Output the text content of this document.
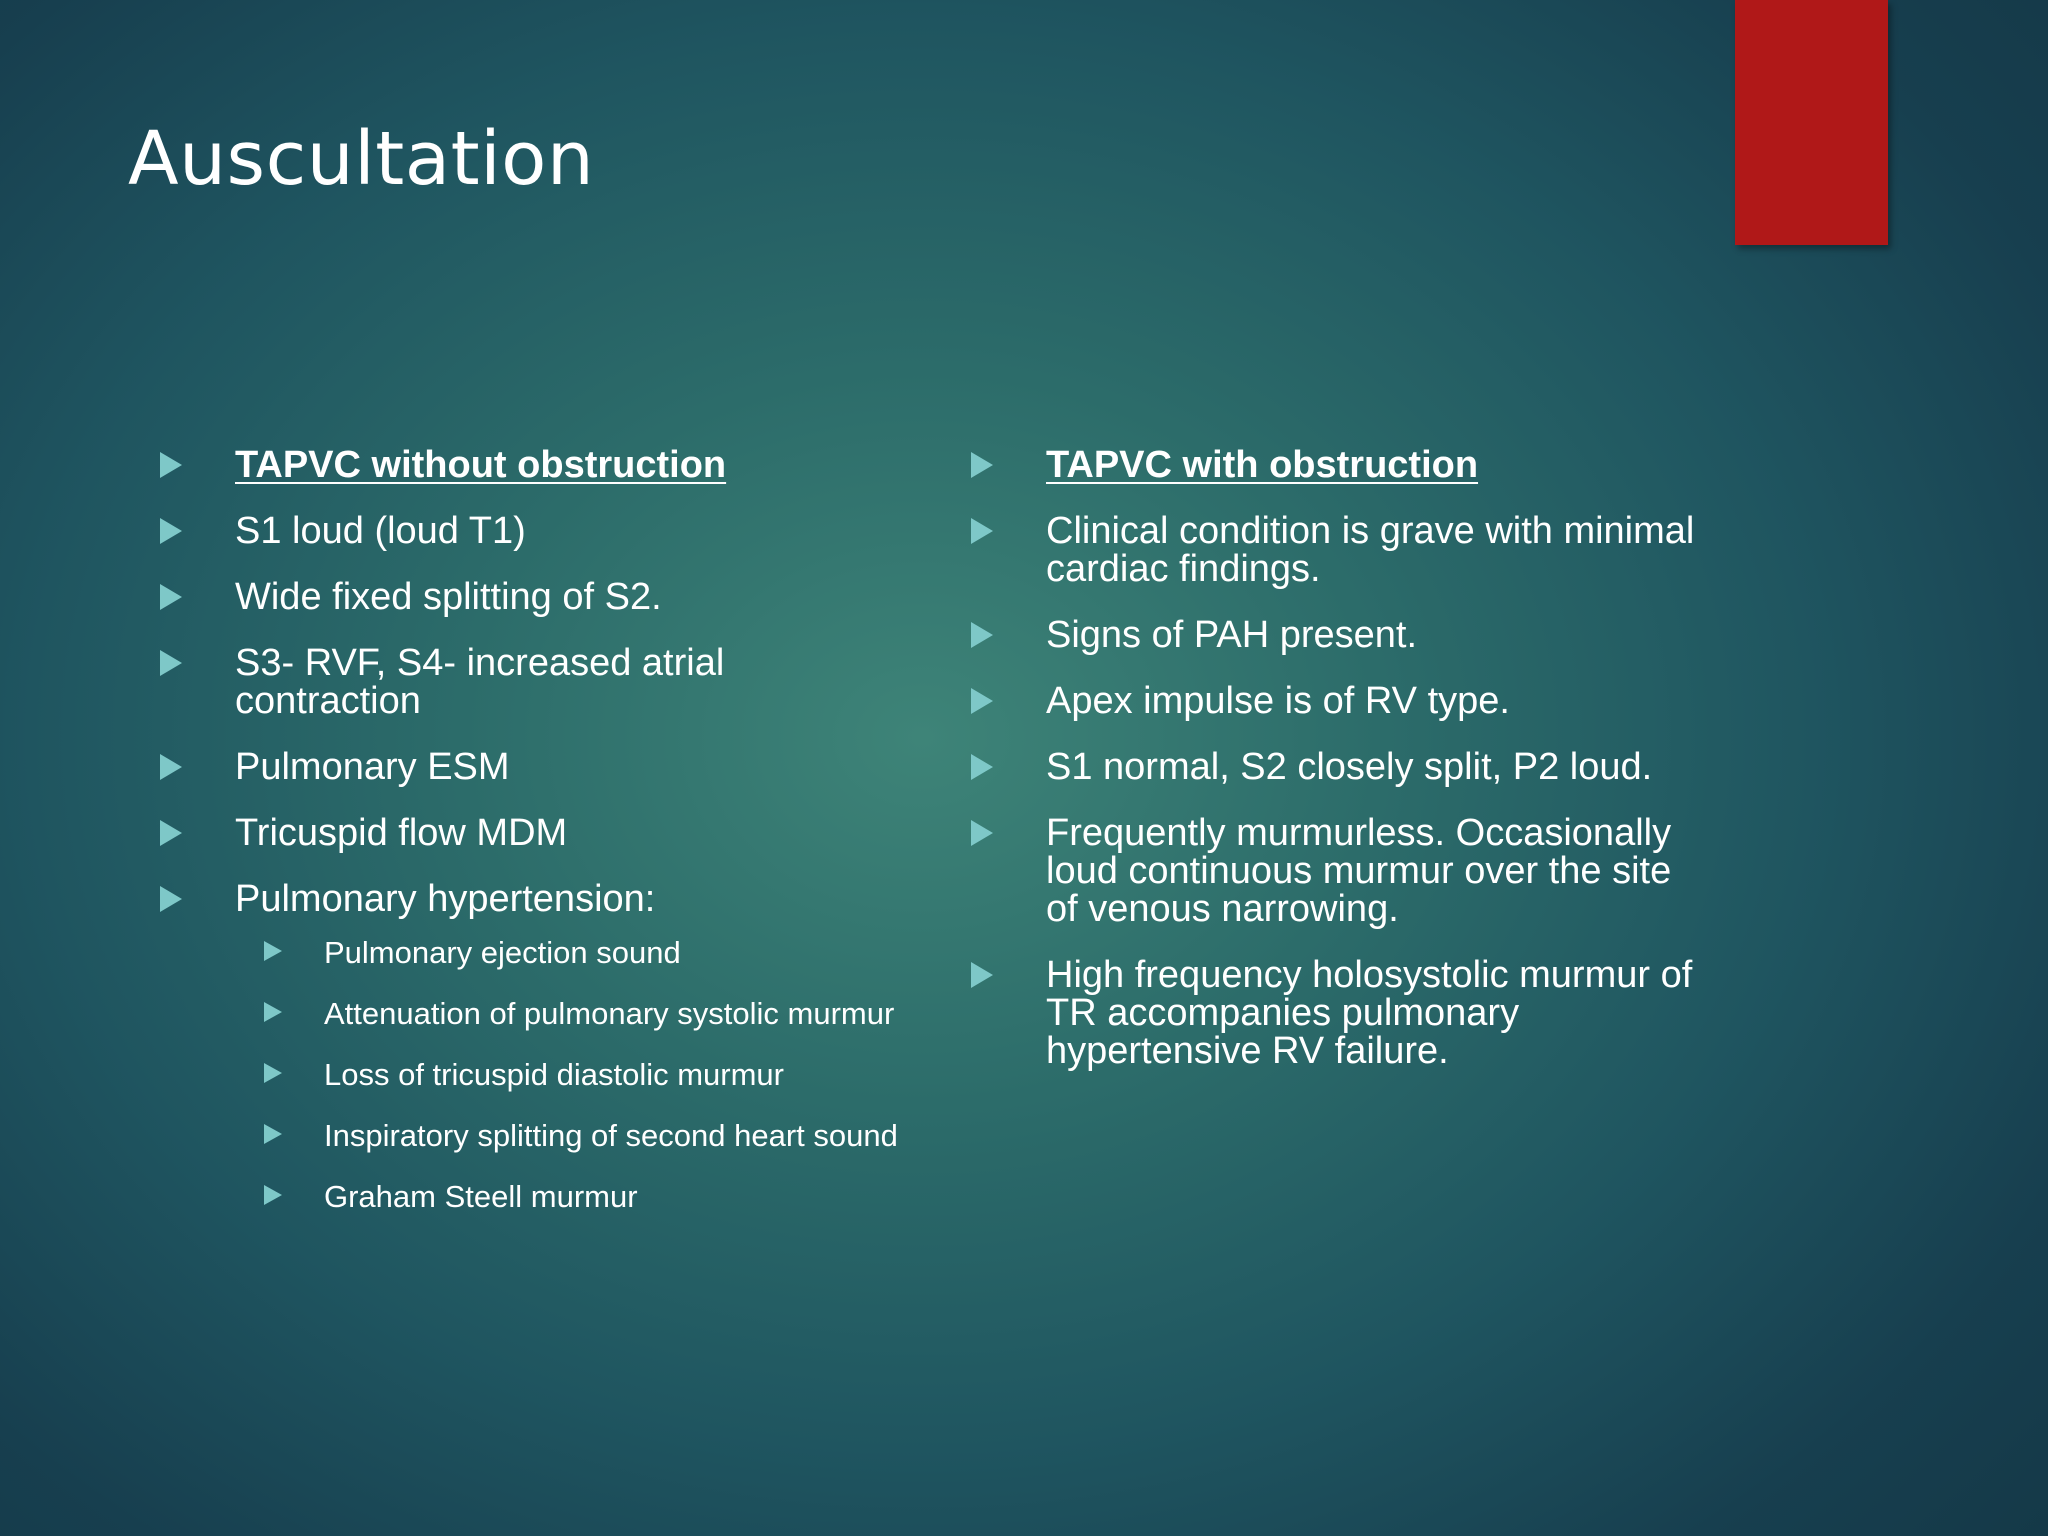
Auscultation
TAPVC without obstruction
S1 loud (loud T1)
Wide fixed splitting of S2.
S3- RVF, S4- increased atrial contraction
Pulmonary ESM
Tricuspid flow MDM
Pulmonary hypertension:
Pulmonary ejection sound
Attenuation of pulmonary systolic murmur
Loss of tricuspid diastolic murmur
Inspiratory splitting of second heart sound
Graham Steell murmur
TAPVC with obstruction
Clinical condition is grave with minimal cardiac findings.
Signs of PAH present.
Apex impulse is of RV type.
S1 normal, S2 closely split, P2 loud.
Frequently murmurless. Occasionally loud continuous murmur over the site of venous narrowing.
High frequency holosystolic murmur of TR accompanies pulmonary hypertensive RV failure.
